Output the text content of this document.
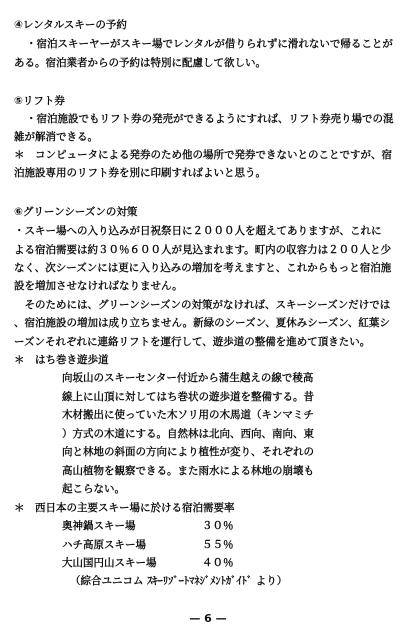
④レンタルスキーの予約
・宿泊スキーヤーがスキー場でレンタルが借りられずに滑れないで帰ることが
ある。宿泊業者からの予約は特別に配慮して欲しい。
⑤リフト券
・宿泊施設でもリフト券の発売ができるようにすれば、リフト券売り場での混
雑が解消できる。
＊　コンピュータによる発券のため他の場所で発券できないとのことですが、宿
泊施設専用のリフト券を別に印刷すればよいと思う。
⑥グリーンシーズンの対策
・スキー場への入り込みが日祝祭日に２０００人を超えてありますが、これに
よる宿泊需要は約３０％６００人が見込まれます。町内の収容力は２００人と少
なく、次シーズンには更に入り込みの増加を考えますと、これからもっと宿泊施
設を増加させなければなりません。
　そのためには、グリーンシーズンの対策がなければ、スキーシーズンだけでは
、宿泊施設の増加は成り立ちません。新緑のシーズン、夏休みシーズン、紅葉シ
ーズンそれぞれに連絡リフトを運行して、遊歩道の整備を進めて頂きたい。
＊　はち巻き遊歩道
向坂山のスキーセンター付近から蒲生越えの線で稜高
線上に山頂に対してはち巻状の遊歩道を整備する。昔
木材搬出に使っていた木ソリ用の木馬道（キンマミチ
）方式の木道にする。自然林は北向、西向、南向、東
向と林地の斜面の方向により植性が変り、それぞれの
高山植物を観察できる。また雨水による林地の崩壊も
起こらない。
＊　西日本の主要スキー場に於ける宿泊需要率
奥神鍋スキー場	３０％
ハチ高原スキー場	５５％
大山国円山スキー場	４０％
（綜合ユニコム ｽｷｰﾘｿﾞｰﾄﾏﾈｼﾞﾒﾝﾄｶﾞｲﾄﾞ より）
— 6 —
